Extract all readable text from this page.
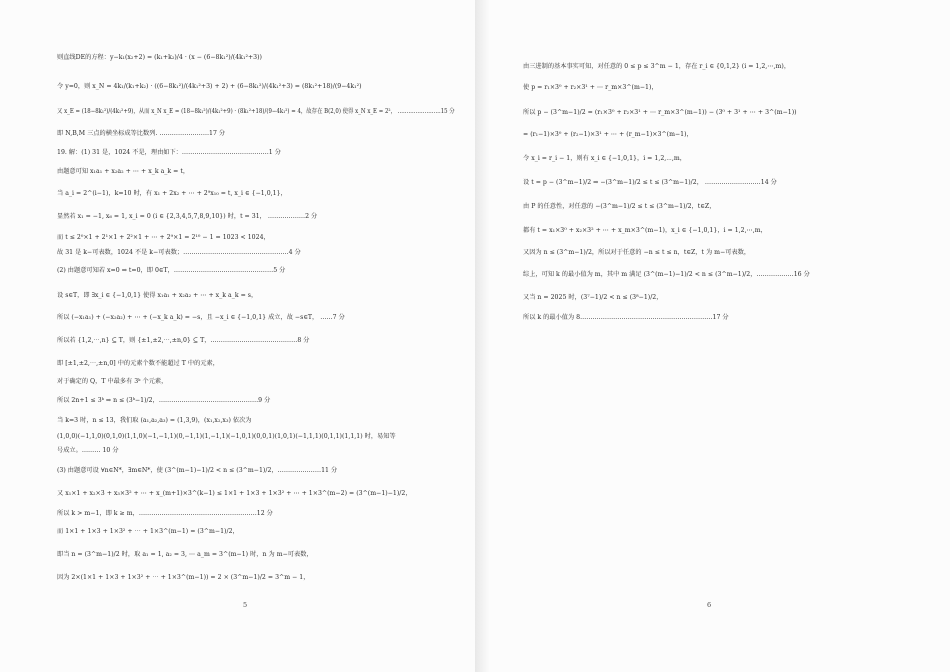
则直线DE的方程：y−k₁(x₂+2) = (k₁+k₂)/4 · (x − (6−8k₁²)/(4k₁²+3))
令 y=0，则 x_N = 4k₁/(k₁+k₂) · ((6−8k₁²)/(4k₁²+3) + 2) + (6−8k₁²)/(4k₁²+3) = (8k₁²+18)/(9−4k₁²)
又 x_E = (18−8k₁²)/(4k₁²+9)，从而 x_N x_E = (18−8k₁²)/(4k₁²+9) · (8k₁²+18)/(9−4k₁²) = 4，故存在 B(2,0) 使得 x_N x_E = 2²， ……………………15 分
即 N,B,M 三点的横坐标成等比数列. ……………………17 分
19. 解：(1) 31 是，1024 不是，理由如下：……………………………………1 分
由题意可知 x₁a₁ + x₂a₂ + ⋯ + x_k a_k = t，
当 a_i = 2^(i−1)，k=10 时，有 x₁ + 2x₂ + ⋯ + 2⁹x₁₀ = t, x_i ∈ {−1,0,1}，
显然若 x₁ = −1, x₆ = 1, x_i = 0 (i ∈ {2,3,4,5,7,8,9,10}) 时，t = 31， ………………2 分
而 t ≤ 2⁰×1 + 2¹×1 + 2²×1 + ⋯ + 2⁹×1 = 2¹⁰ − 1 = 1023 < 1024，
故 31 是 k−可表数，1024 不是 k−可表数；……………………………………………4 分
(2) 由题意可知若 x=0 ⇒ t=0，即 0∈T，…………………………………………5 分
设 s∈T，即 ∃x_i ∈ {−1,0,1} 使得 x₁a₁ + x₂a₂ + ⋯ + x_k a_k = s，
所以 (−x₁a₁) + (−x₂a₂) + ⋯ + (−x_k a_k) = −s，且 −x_i ∈ {−1,0,1} 成立，故 −s∈T， ……7 分
所以若 {1,2,⋯,n} ⊆ T，则 {±1,±2,⋯,±n,0} ⊆ T，……………………………………8 分
即 [±1,±2,⋯,±n,0] 中的元素个数不能超过 T 中的元素，
对于确定的 Q，T 中最多有 3ᵏ 个元素，
所以 2n+1 ≤ 3ᵏ ⇒ n ≤ (3ᵏ−1)/2，…………………………………………9 分
当 k=3 时，n ≤ 13，我们取 (a₁,a₂,a₃) = (1,3,9)，(x₁,x₂,x₃) 依次为
(1,0,0)(−1,1,0)(0,1,0)(1,1,0)(−1,−1,1)(0,−1,1)(1,−1,1)(−1,0,1)(0,0,1)(1,0,1)(−1,1,1)(0,1,1)(1,1,1) 时，易知等
号成立。……… 10 分
(3) 由题意可设 ∀n∈N*，∃m∈N*，使 (3^(m−1)−1)/2 < n ≤ (3^m−1)/2，…………………11 分
又 x₁×1 + x₂×3 + x₃×3² + ⋯ + x_(m+1)×3^(k−1) ≤ 1×1 + 1×3 + 1×3² + ⋯ + 1×3^(m−2) = (3^(m−1)−1)/2，
所以 k > m−1，即 k ≥ m，…………………………………………………12 分
而 1×1 + 1×3 + 1×3² + ⋯ + 1×3^(m−1) = (3^m−1)/2，
即当 n = (3^m−1)/2 时，取 a₁ = 1, a₂ = 3, ⋯ a_m = 3^(m−1) 时，n 为 m−可表数，
因为 2×(1×1 + 1×3 + 1×3² + ⋯ + 1×3^(m−1)) = 2 × (3^m−1)/2 = 3^m − 1，
5
由三进制的基本事实可知，对任意的 0 ≤ p ≤ 3^m − 1，存在 r_i ∈ {0,1,2} (i = 1,2,⋯,m)，
使 p = r₁×3⁰ + r₂×3¹ + ⋯ r_m×3^(m−1)，
所以 p − (3^m−1)/2 = (r₁×3⁰ + r₂×3¹ + ⋯ r_m×3^(m−1)) − (3⁰ + 3¹ + ⋯ + 3^(m−1))
= (r₁−1)×3⁰ + (r₂−1)×3¹ + ⋯ + (r_m−1)×3^(m−1)，
令 x_i = r_i − 1，则有 x_i ∈ {−1,0,1}，i = 1,2,⋯,m，
设 t = p − (3^m−1)/2 ⇒ −(3^m−1)/2 ≤ t ≤ (3^m−1)/2， ………………………14 分
由 P 的任意性，对任意的 −(3^m−1)/2 ≤ t ≤ (3^m−1)/2，t∈Z，
都有 t = x₁×3⁰ + x₂×3² + ⋯ + x_m×3^(m−1)，x_i ∈ {−1,0,1}，i = 1,2,⋯,m，
又因为 n ≤ (3^m−1)/2，所以对于任意的 −n ≤ t ≤ n，t∈Z，t 为 m−可表数，
综上，可知 k 的最小值为 m，其中 m 满足 (3^(m−1)−1)/2 < n ≤ (3^m−1)/2，………………16 分
又当 n = 2025 时，(3⁷−1)/2 < n ≤ (3⁸−1)/2，
所以 k 的最小值为 8.………………………………………………………17 分
6
